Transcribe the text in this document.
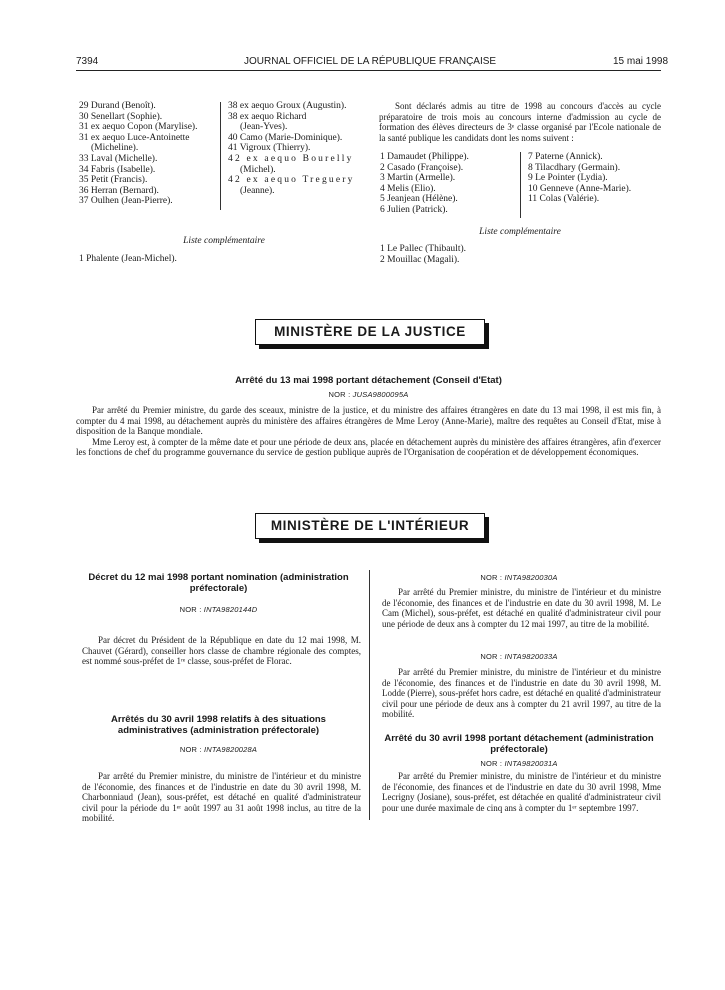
7394	JOURNAL OFFICIEL DE LA RÉPUBLIQUE FRANÇAISE	15 mai 1998
29 Durand (Benoît).
30 Senellart (Sophie).
31 ex aequo Copon (Marylise).
31 ex aequo Luce-Antoinette
(Micheline).
33 Laval (Michelle).
34 Fabris (Isabelle).
35 Petit (Francis).
36 Herran (Bernard).
37 Oulhen (Jean-Pierre).
38 ex aequo Groux (Augustin).
38 ex aequo Richard
(Jean-Yves).
40 Camo (Marie-Dominique).
41 Vigroux (Thierry).
42 ex aequo Bourelly
(Michel).
42 ex aequo Treguery
(Jeanne).
Liste complémentaire
1 Phalente (Jean-Michel).

Sont déclarés admis au titre de 1998 au concours d'accès au cycle préparatoire de trois mois au concours interne d'admission au cycle de formation des élèves directeurs de 3ᵉ classe organisé par l'Ecole nationale de la santé publique les candidats dont les noms suivent :

1 Damaudet (Philippe).
2 Casado (Françoise).
3 Martin (Armelle).
4 Melis (Elio).
5 Jeanjean (Hélène).
6 Julien (Patrick).
7 Paterne (Annick).
8 Tilacdhary (Germain).
9 Le Pointer (Lydia).
10 Genneve (Anne-Marie).
11 Colas (Valérie).
Liste complémentaire
1 Le Pallec (Thibault).
2 Mouillac (Magali).
MINISTÈRE DE LA JUSTICE
Arrêté du 13 mai 1998 portant détachement (Conseil d'Etat)
NOR : JUSA9800095A

Par arrêté du Premier ministre, du garde des sceaux, ministre de la justice, et du ministre des affaires étrangères en date du 13 mai 1998, il est mis fin, à compter du 4 mai 1998, au détachement auprès du ministère des affaires étrangères de Mme Leroy (Anne-Marie), maître des requêtes au Conseil d'Etat, mise à disposition de la Banque mondiale.

Mme Leroy est, à compter de la même date et pour une période de deux ans, placée en détachement auprès du ministère des affaires étrangères, afin d'exercer les fonctions de chef du programme gouvernance du service de gestion publique auprès de l'Organisation de coopération et de développement économiques.

MINISTÈRE DE L'INTÉRIEUR
Décret du 12 mai 1998 portant nomination (administration préfectorale)
NOR : INTA9820144D

Par décret du Président de la République en date du 12 mai 1998, M. Chauvet (Gérard), conseiller hors classe de chambre régionale des comptes, est nommé sous-préfet de 1ʳᵉ classe, sous-préfet de Florac.

Arrêtés du 30 avril 1998 relatifs à des situations administratives (administration préfectorale)
NOR : INTA9820028A

Par arrêté du Premier ministre, du ministre de l'intérieur et du ministre de l'économie, des finances et de l'industrie en date du 30 avril 1998, M. Charbonniaud (Jean), sous-préfet, est détaché en qualité d'administrateur civil pour la période du 1ᵉʳ août 1997 au 31 août 1998 inclus, au titre de la mobilité.

NOR : INTA9820030A

Par arrêté du Premier ministre, du ministre de l'intérieur et du ministre de l'économie, des finances et de l'industrie en date du 30 avril 1998, M. Le Cam (Michel), sous-préfet, est détaché en qualité d'administrateur civil pour une période de deux ans à compter du 12 mai 1997, au titre de la mobilité.

NOR : INTA9820033A

Par arrêté du Premier ministre, du ministre de l'intérieur et du ministre de l'économie, des finances et de l'industrie en date du 30 avril 1998, M. Lodde (Pierre), sous-préfet hors cadre, est détaché en qualité d'administrateur civil pour une période de deux ans à compter du 21 avril 1997, au titre de la mobilité.

Arrêté du 30 avril 1998 portant détachement (administration préfectorale)
NOR : INTA9820031A

Par arrêté du Premier ministre, du ministre de l'intérieur et du ministre de l'économie, des finances et de l'industrie en date du 30 avril 1998, Mme Lecrigny (Josiane), sous-préfet, est détachée en qualité d'administrateur civil pour une durée maximale de cinq ans à compter du 1ᵉʳ septembre 1997.
